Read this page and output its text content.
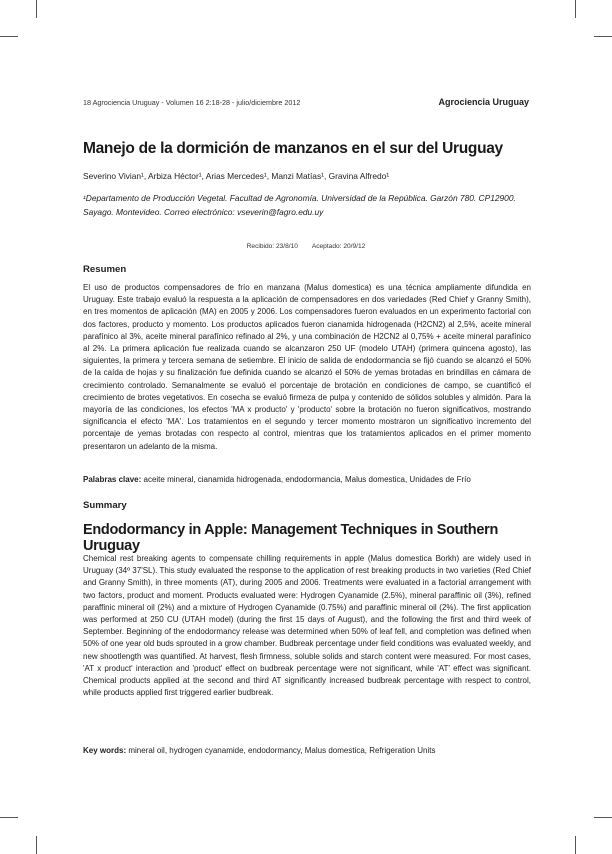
18 Agrociencia Uruguay - Volumen 16 2:18-28 - julio/diciembre 2012	Agrociencia Uruguay
Manejo de la dormición de manzanos en el sur del Uruguay
Severino Vivian¹, Arbiza Héctor¹, Arias Mercedes¹, Manzi Matías¹, Gravina Alfredo¹
¹Departamento de Producción Vegetal. Facultad de Agronomía. Universidad de la República. Garzón 780. CP12900. Sayago. Montevideo. Correo electrónico: vseverin@fagro.edu.uy
Recibido: 23/8/10 Aceptado: 20/9/12
Resumen
El uso de productos compensadores de frío en manzana (Malus domestica) es una técnica ampliamente difundida en Uruguay. Este trabajo evaluó la respuesta a la aplicación de compensadores en dos variedades (Red Chief y Granny Smith), en tres momentos de aplicación (MA) en 2005 y 2006. Los compensadores fueron evaluados en un experimento factorial con dos factores, producto y momento. Los productos aplicados fueron cianamida hidrogenada (H2CN2) al 2,5%, aceite mineral parafínico al 3%, aceite mineral parafínico refinado al 2%, y una combinación de H2CN2 al 0,75% + aceite mineral parafínico al 2%. La primera aplicación fue realizada cuando se alcanzaron 250 UF (modelo UTAH) (primera quincena agosto), las siguientes, la primera y tercera semana de setiembre. El inicio de salida de endodormancia se fijó cuando se alcanzó el 50% de la caída de hojas y su finalización fue definida cuando se alcanzó el 50% de yemas brotadas en brindillas en cámara de crecimiento controlado. Semanalmente se evaluó el porcentaje de brotación en condiciones de campo, se cuantificó el crecimiento de brotes vegetativos. En cosecha se evaluó firmeza de pulpa y contenido de sólidos solubles y almidón. Para la mayoría de las condiciones, los efectos 'MA x producto' y 'producto' sobre la brotación no fueron significativos, mostrando significancia el efecto 'MA'. Los tratamientos en el segundo y tercer momento mostraron un significativo incremento del porcentaje de yemas brotadas con respecto al control, mientras que los tratamientos aplicados en el primer momento presentaron un adelanto de la misma.
Palabras clave: aceite mineral, cianamida hidrogenada, endodormancia, Malus domestica, Unidades de Frío
Summary
Endodormancy in Apple: Management Techniques in Southern Uruguay
Chemical rest breaking agents to compensate chilling requirements in apple (Malus domestica Borkh) are widely used in Uruguay (34º 37'SL). This study evaluated the response to the application of rest breaking products in two varieties (Red Chief and Granny Smith), in three moments (AT), during 2005 and 2006. Treatments were evaluated in a factorial arrangement with two factors, product and moment. Products evaluated were: Hydrogen Cyanamide (2.5%), mineral paraffinic oil (3%), refined paraffinic mineral oil (2%) and a mixture of Hydrogen Cyanamide (0.75%) and paraffinic mineral oil (2%). The first application was performed at 250 CU (UTAH model) (during the first 15 days of August), and the following the first and third week of September. Beginning of the endodormancy release was determined when 50% of leaf fell, and completion was defined when 50% of one year old buds sprouted in a grow chamber. Budbreak percentage under field conditions was evaluated weekly, and new shootlength was quantified. At harvest, flesh firmness, soluble solids and starch content were measured. For most cases, 'AT x product' interaction and 'product' effect on budbreak percentage were not significant, while 'AT' effect was significant. Chemical products applied at the second and third AT significantly increased budbreak percentage with respect to control, while products applied first triggered earlier budbreak.
Key words: mineral oil, hydrogen cyanamide, endodormancy, Malus domestica, Refrigeration Units
